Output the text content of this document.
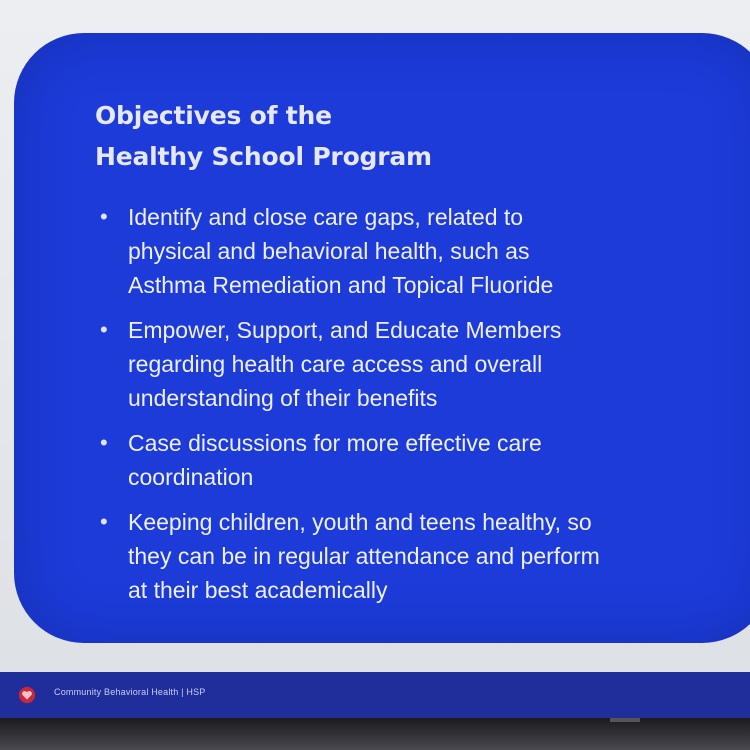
Objectives of the
Healthy School Program
• Identify and close care gaps, related to
physical and behavioral health, such as
Asthma Remediation and Topical Fluoride
• Empower, Support, and Educate Members
regarding health care access and overall
understanding of their benefits
• Case discussions for more effective care
coordination
• Keeping children, youth and teens healthy, so
they can be in regular attendance and perform
at their best academically
Community Behavioral Health | HSP
